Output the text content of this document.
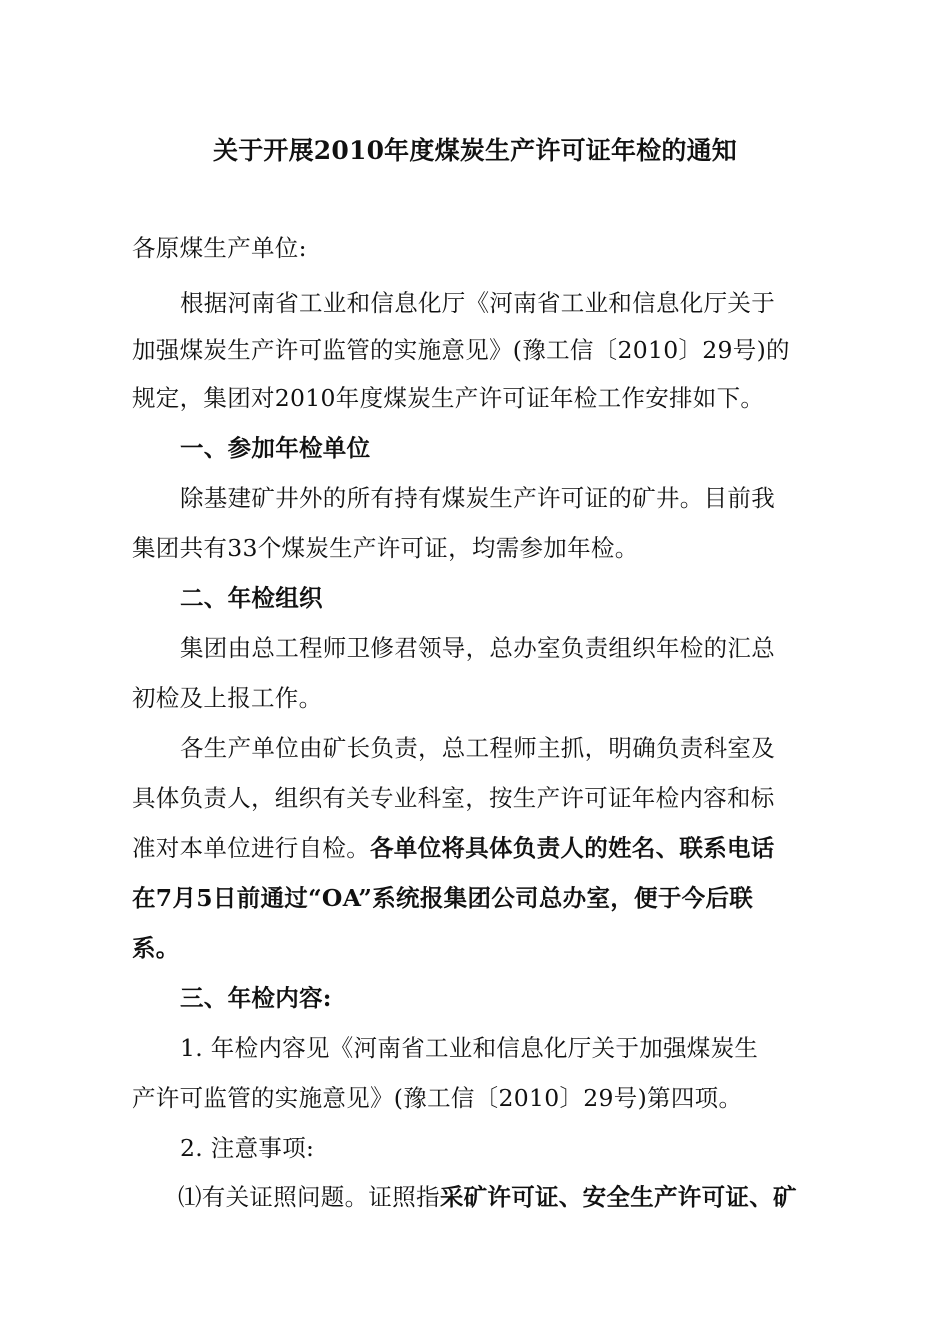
关于开展2010年度煤炭生产许可证年检的通知
各原煤生产单位:
根据河南省工业和信息化厅《河南省工业和信息化厅关于
加强煤炭生产许可监管的实施意见》(豫工信〔2010〕29号)的
规定，集团对2010年度煤炭生产许可证年检工作安排如下。
一、参加年检单位
除基建矿井外的所有持有煤炭生产许可证的矿井。目前我
集团共有33个煤炭生产许可证，均需参加年检。
二、年检组织
集团由总工程师卫修君领导，总办室负责组织年检的汇总
初检及上报工作。
各生产单位由矿长负责，总工程师主抓，明确负责科室及
具体负责人，组织有关专业科室，按生产许可证年检内容和标
准对本单位进行自检。各单位将具体负责人的姓名、联系电话
在7月5日前通过“OA”系统报集团公司总办室，便于今后联
系。
三、年检内容:
1. 年检内容见《河南省工业和信息化厅关于加强煤炭生
产许可监管的实施意见》(豫工信〔2010〕29号)第四项。
2. 注意事项:
⑴有关证照问题。证照指采矿许可证、安全生产许可证、矿
